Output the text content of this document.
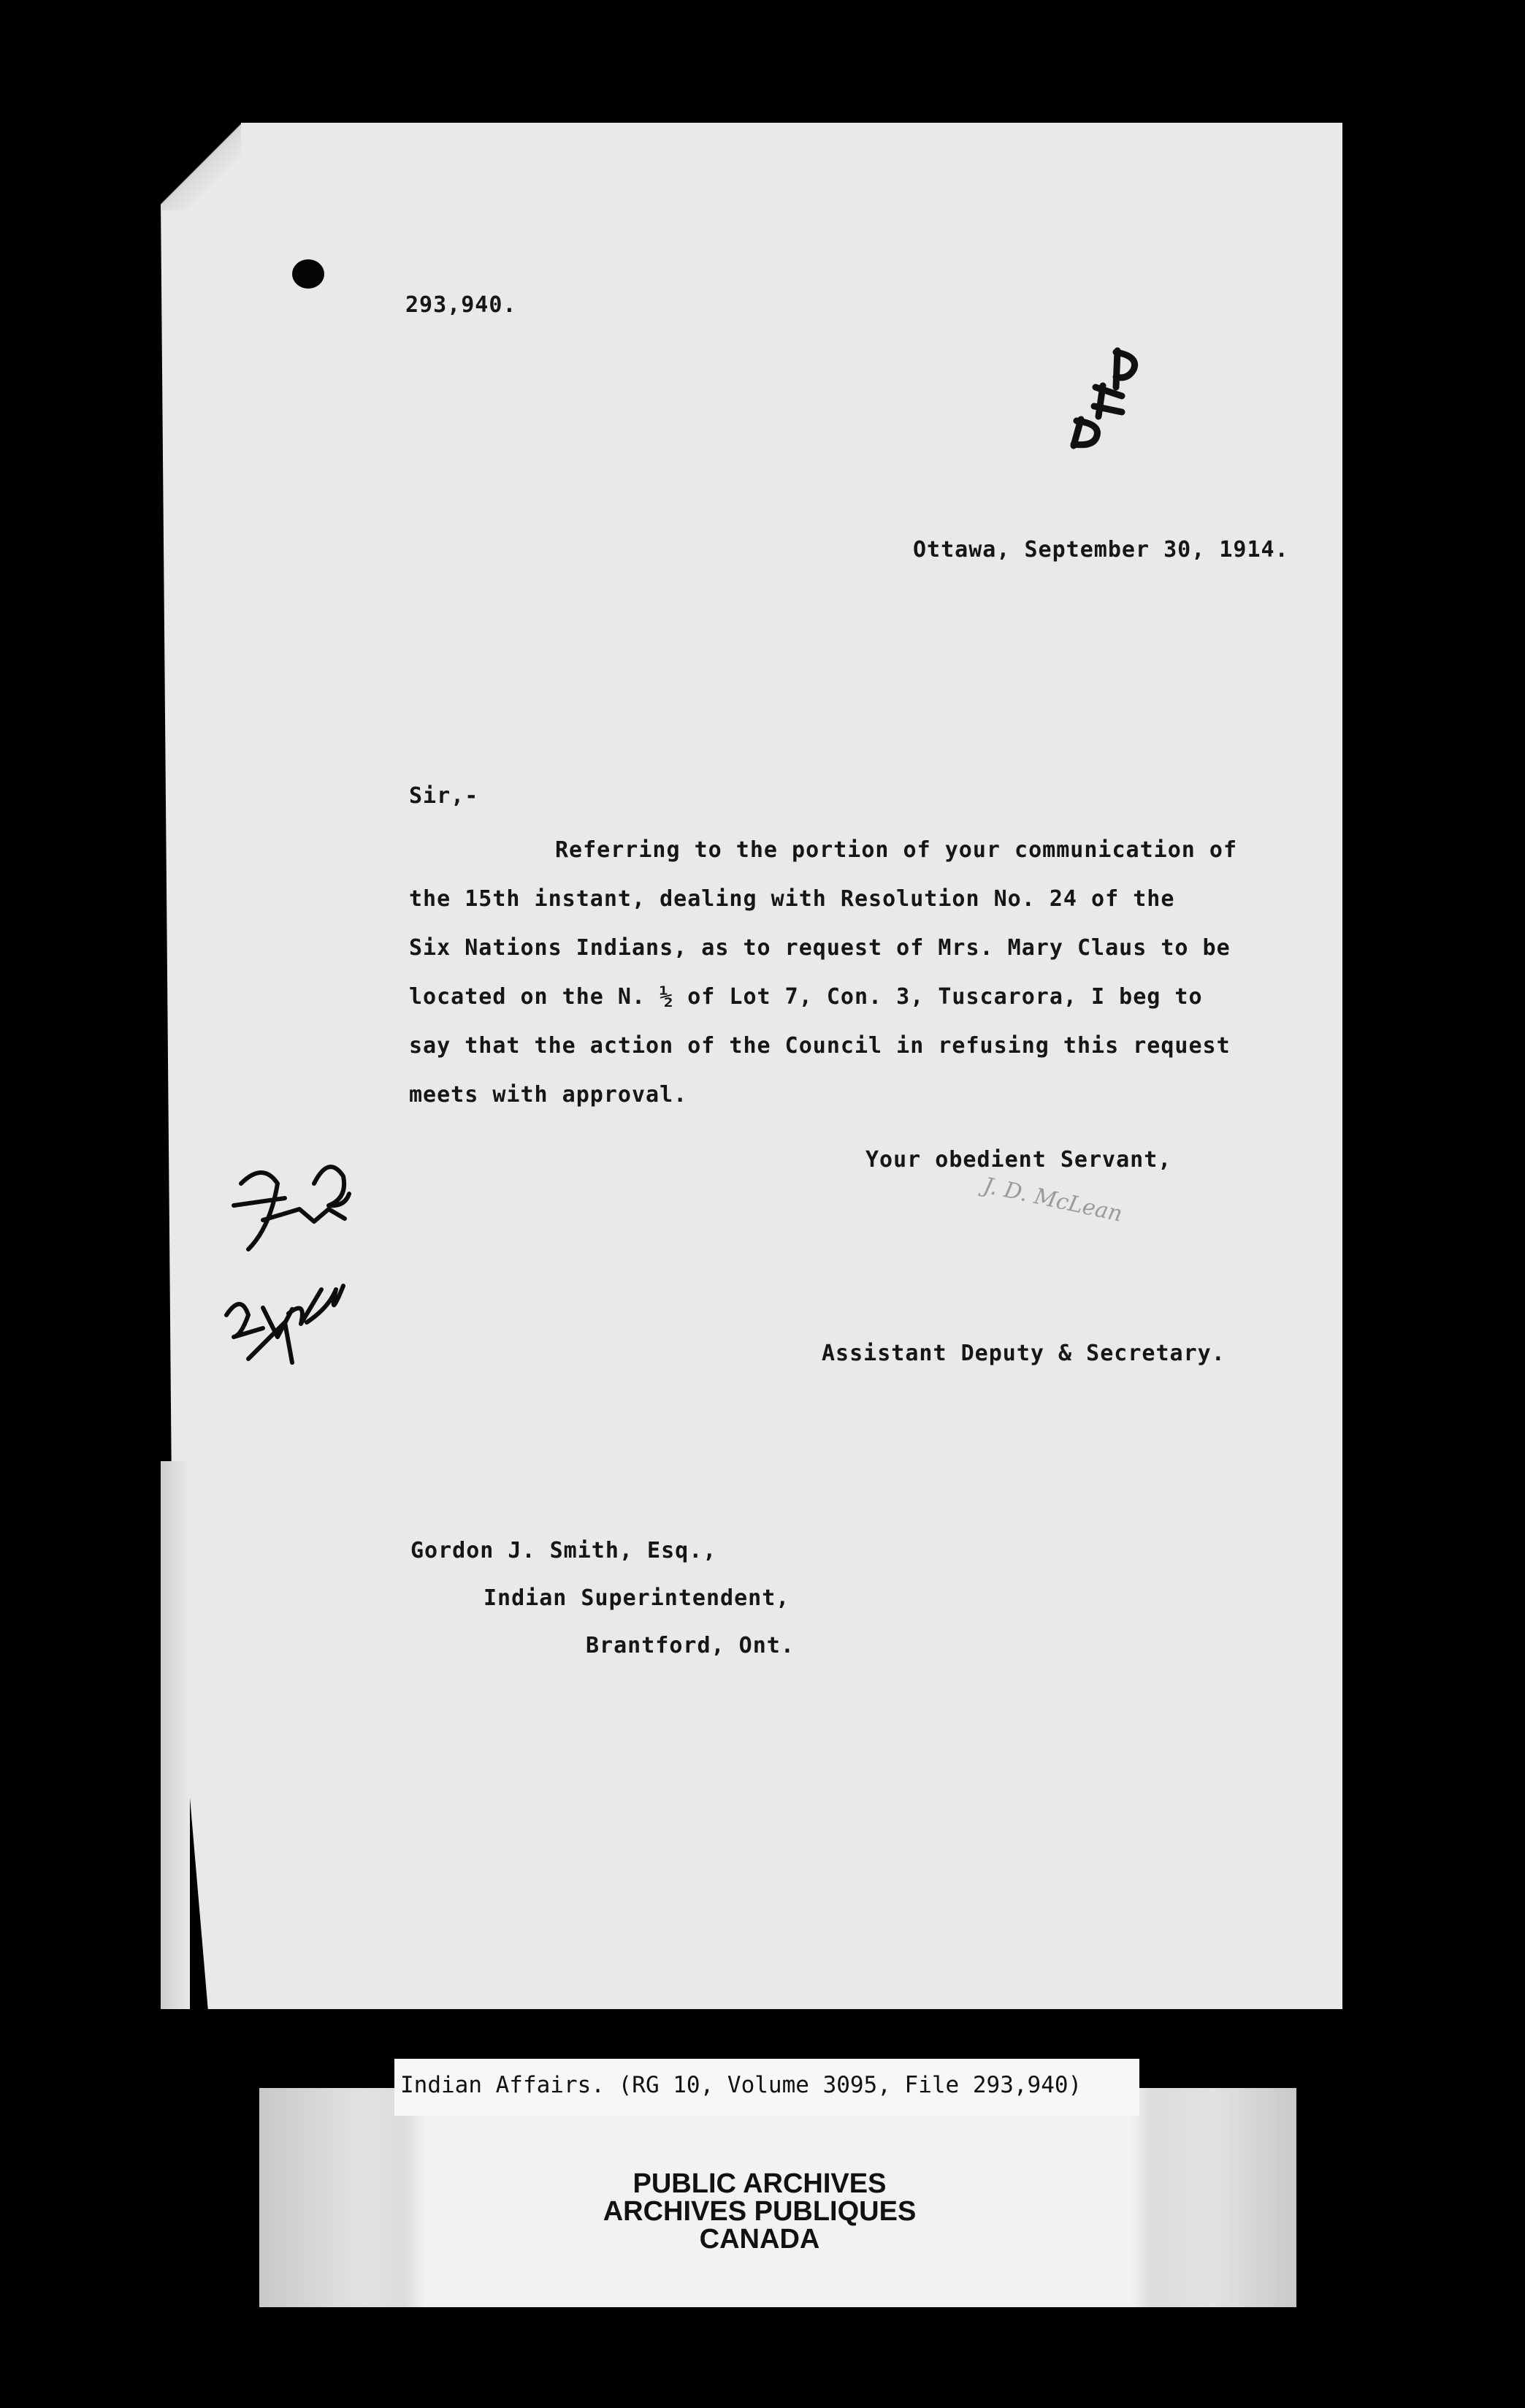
293,940.
Ottawa, September 30, 1914.
Sir,-
Referring to the portion of your communication of
the 15th instant, dealing with Resolution No. 24 of the
Six Nations Indians, as to request of Mrs. Mary Claus to be
located on the N. ½ of Lot 7, Con. 3, Tuscarora, I beg to
say that the action of the Council in refusing this request
meets with approval.
Your obedient Servant,
J. D. McLean
Assistant Deputy & Secretary.
Gordon J. Smith, Esq.,
Indian Superintendent,
Brantford, Ont.
Indian Affairs. (RG 10, Volume 3095, File 293,940)
PUBLIC ARCHIVES
ARCHIVES PUBLIQUES
CANADA
